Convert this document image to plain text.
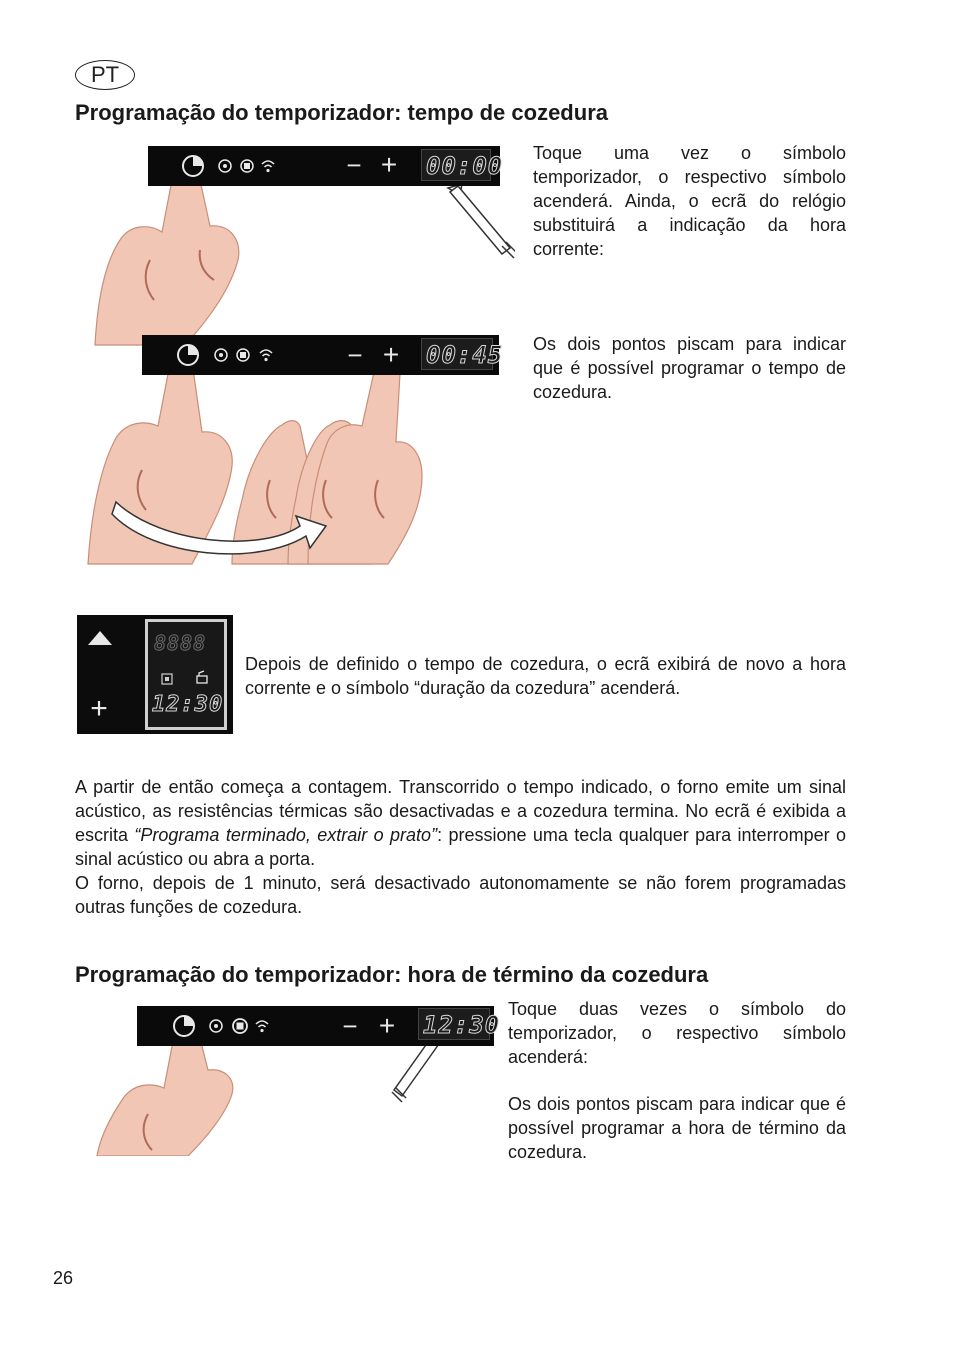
PT
Programação do temporizador: tempo de cozedura
− + 00:00 Toque uma vez o símbolo temporizador, o respectivo símbolo acenderá. Ainda, o ecrã do relógio substituirá a indicação da hora corrente:

− + 00:45 Os dois pontos piscam para indicar que é possível programar o tempo de cozedura.

+
8888
12:30

Depois de definido o tempo de cozedura, o ecrã exibirá de novo a hora corrente e o símbolo “duração da cozedura” acenderá.

A partir de então começa a contagem. Transcorrido o tempo indicado, o forno emite um sinal acústico, as resistências térmicas são desactivadas e a cozedura termina. No ecrã é exibida a escrita “Programa terminado, extrair o prato”: pressione uma tecla qualquer para interromper o sinal acústico ou abra a porta.

O forno, depois de 1 minuto, será desactivado autonomamente se não forem programadas outras funções de cozedura.

Programação do temporizador: hora de término da cozedura
− + 12:30

Toque duas vezes o símbolo do temporizador, o respectivo símbolo acenderá:

Os dois pontos piscam para indicar que é possível programar a hora de término da cozedura.

26
